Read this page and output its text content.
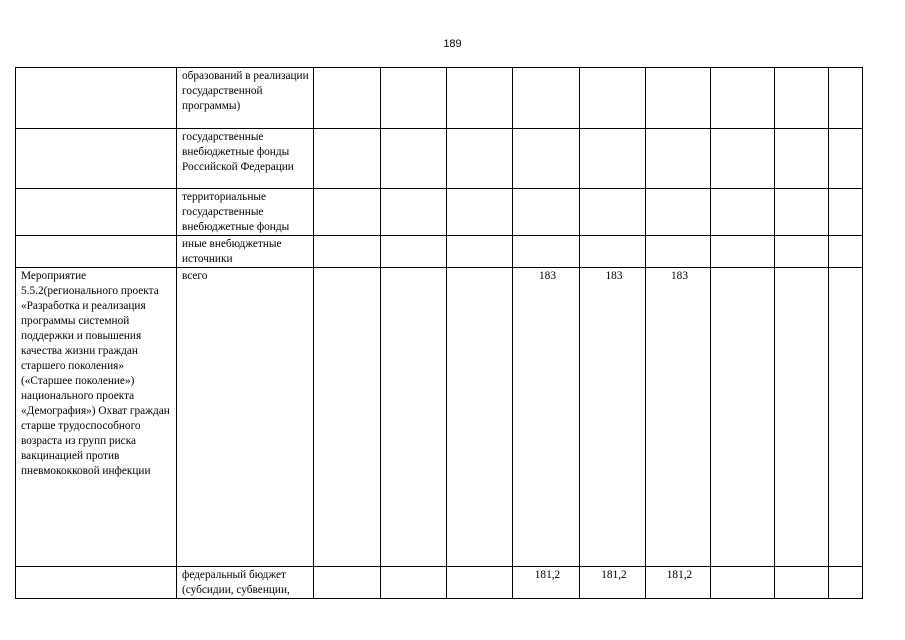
189
	образований в реализации государственной программы)									
	государственные внебюджетные фонды Российской Федерации									
	территориальные государственные внебюджетные фонды									
	иные внебюджетные источники									
Мероприятие 5.5.2(регионального проекта «Разработка и реализация программы системной поддержки и повышения качества жизни граждан старшего поколения» («Старшее поколение») национального проекта «Демография») Охват граждан старше трудоспособного возраста из групп риска вакцинацией против пневмококковой инфекции	всего				183	183	183			
	федеральный бюджет (субсидии, субвенции,				181,2	181,2	181,2			
